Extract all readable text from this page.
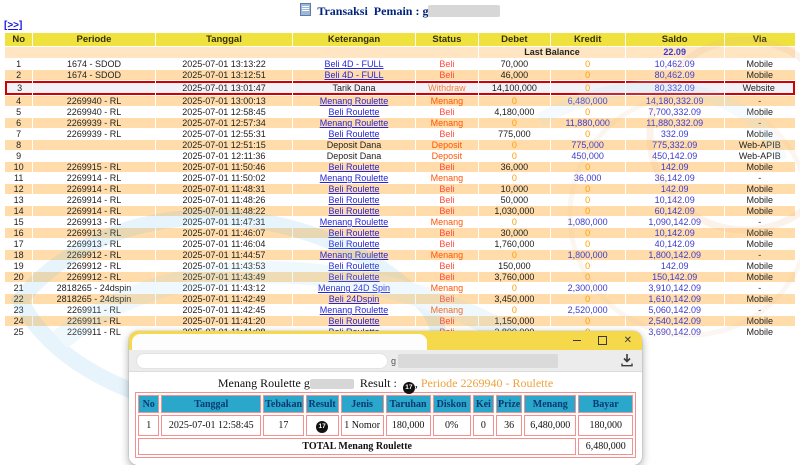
Transaksi Pemain : g
[>>]
No	Periode	Tanggal	Keterangan	Status	Debet	Kredit	Saldo	Via
					Last Balance		22.09	
1	1674 - SDOD	2025-07-01 13:13:22	Beli 4D - FULL	Beli	70,000	0	10,462.09	Mobile
2	1674 - SDOD	2025-07-01 13:12:51	Beli 4D - FULL	Beli	46,000	0	80,462.09	Mobile
3		2025-07-01 13:01:47	Tarik Dana	Withdraw	14,100,000	0	80,332.09	Website
4	2269940 - RL	2025-07-01 13:00:13	Menang Roulette	Menang	0	6,480,000	14,180,332.09	-
5	2269940 - RL	2025-07-01 12:58:45	Beli Roulette	Beli	4,180,000	0	7,700,332.09	Mobile
6	2269939 - RL	2025-07-01 12:57:34	Menang Roulette	Menang	0	11,880,000	11,880,332.09	-
7	2269939 - RL	2025-07-01 12:55:31	Beli Roulette	Beli	775,000	0	332.09	Mobile
8		2025-07-01 12:51:15	Deposit Dana	Deposit	0	775,000	775,332.09	Web-APIB
9		2025-07-01 12:11:36	Deposit Dana	Deposit	0	450,000	450,142.09	Web-APIB
10	2269915 - RL	2025-07-01 11:50:46	Beli Roulette	Beli	36,000	0	142.09	Mobile
11	2269914 - RL	2025-07-01 11:50:02	Menang Roulette	Menang	0	36,000	36,142.09	-
12	2269914 - RL	2025-07-01 11:48:31	Beli Roulette	Beli	10,000	0	142.09	Mobile
13	2269914 - RL	2025-07-01 11:48:26	Beli Roulette	Beli	50,000	0	10,142.09	Mobile
14	2269914 - RL	2025-07-01 11:48:22	Beli Roulette	Beli	1,030,000	0	60,142.09	Mobile
15	2269913 - RL	2025-07-01 11:47:31	Menang Roulette	Menang	0	1,080,000	1,090,142.09	-
16	2269913 - RL	2025-07-01 11:46:07	Beli Roulette	Beli	30,000	0	10,142.09	Mobile
17	2269913 - RL	2025-07-01 11:46:04	Beli Roulette	Beli	1,760,000	0	40,142.09	Mobile
18	2269912 - RL	2025-07-01 11:44:57	Menang Roulette	Menang	0	1,800,000	1,800,142.09	-
19	2269912 - RL	2025-07-01 11:43:53	Beli Roulette	Beli	150,000	0	142.09	Mobile
20	2269912 - RL	2025-07-01 11:43:49	Beli Roulette	Beli	3,760,000	0	150,142.09	Mobile
21	2818265 - 24dspin	2025-07-01 11:43:12	Menang 24D Spin	Menang	0	2,300,000	3,910,142.09	-
22	2818265 - 24dspin	2025-07-01 11:42:49	Beli 24Dspin	Beli	3,450,000	0	1,610,142.09	Mobile
23	2269911 - RL	2025-07-01 11:42:45	Menang Roulette	Menang	0	2,520,000	5,060,142.09	-
24	2269911 - RL	2025-07-01 11:41:20	Beli Roulette	Beli	1,150,000	0	2,540,142.09	Mobile
25	2269911 - RL						3,690,142.09	Mobile
✕
g
Menang Roulette g	Result : 17 , Periode 2269940 - Roulette
No	Tanggal	Tebakan	Result	Jenis	Taruhan	Diskon	Kei	Prize	Menang	Bayar
1	2025-07-01 12:58:45	17	17	1 Nomor	180,000	0%	0	36	6,480,000	180,000
TOTAL Menang Roulette										6,480,000
